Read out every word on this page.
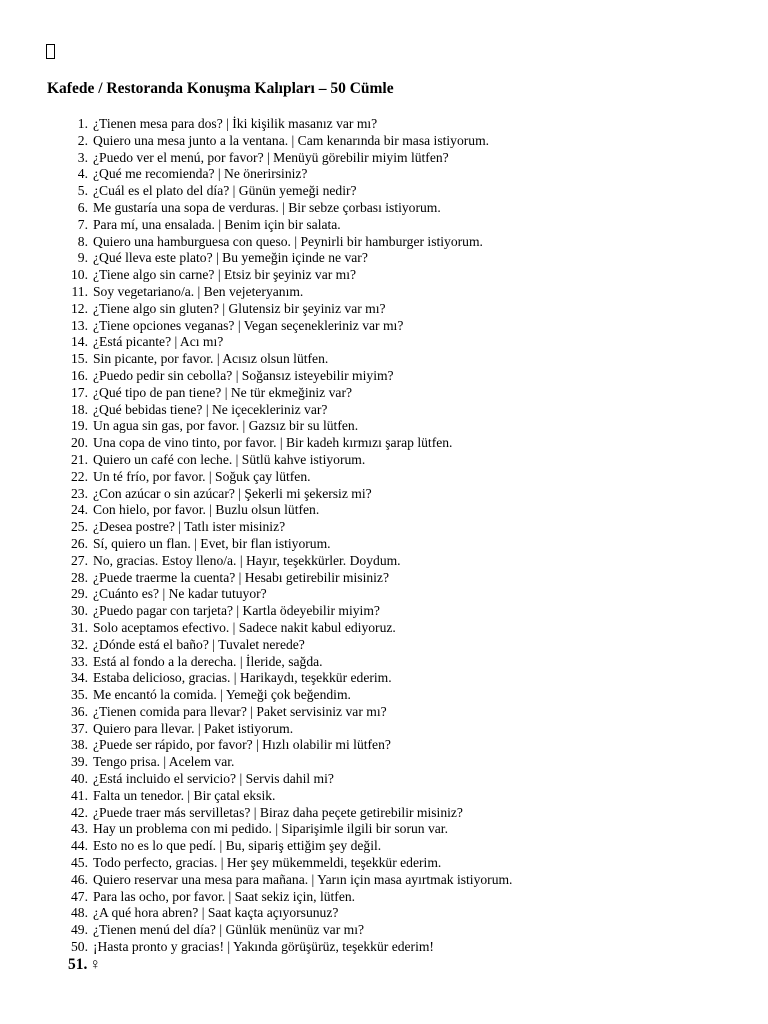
Kafede / Restoranda Konuşma Kalıpları – 50 Cümle
1. ¿Tienen mesa para dos? | İki kişilik masanız var mı?
2. Quiero una mesa junto a la ventana. | Cam kenarında bir masa istiyorum.
3. ¿Puedo ver el menú, por favor? | Menüyü görebilir miyim lütfen?
4. ¿Qué me recomienda? | Ne önerirsiniz?
5. ¿Cuál es el plato del día? | Günün yemeği nedir?
6. Me gustaría una sopa de verduras. | Bir sebze çorbası istiyorum.
7. Para mí, una ensalada. | Benim için bir salata.
8. Quiero una hamburguesa con queso. | Peynirli bir hamburger istiyorum.
9. ¿Qué lleva este plato? | Bu yemeğin içinde ne var?
10. ¿Tiene algo sin carne? | Etsiz bir şeyiniz var mı?
11. Soy vegetariano/a. | Ben vejeteryanım.
12. ¿Tiene algo sin gluten? | Glutensiz bir şeyiniz var mı?
13. ¿Tiene opciones veganas? | Vegan seçenekleriniz var mı?
14. ¿Está picante? | Acı mı?
15. Sin picante, por favor. | Acısız olsun lütfen.
16. ¿Puedo pedir sin cebolla? | Soğansız isteyebilir miyim?
17. ¿Qué tipo de pan tiene? | Ne tür ekmeğiniz var?
18. ¿Qué bebidas tiene? | Ne içecekleriniz var?
19. Un agua sin gas, por favor. | Gazsız bir su lütfen.
20. Una copa de vino tinto, por favor. | Bir kadeh kırmızı şarap lütfen.
21. Quiero un café con leche. | Sütlü kahve istiyorum.
22. Un té frío, por favor. | Soğuk çay lütfen.
23. ¿Con azúcar o sin azúcar? | Şekerli mi şekersiz mi?
24. Con hielo, por favor. | Buzlu olsun lütfen.
25. ¿Desea postre? | Tatlı ister misiniz?
26. Sí, quiero un flan. | Evet, bir flan istiyorum.
27. No, gracias. Estoy lleno/a. | Hayır, teşekkürler. Doydum.
28. ¿Puede traerme la cuenta? | Hesabı getirebilir misiniz?
29. ¿Cuánto es? | Ne kadar tutuyor?
30. ¿Puedo pagar con tarjeta? | Kartla ödeyebilir miyim?
31. Solo aceptamos efectivo. | Sadece nakit kabul ediyoruz.
32. ¿Dónde está el baño? | Tuvalet nerede?
33. Está al fondo a la derecha. | İleride, sağda.
34. Estaba delicioso, gracias. | Harikaydı, teşekkür ederim.
35. Me encantó la comida. | Yemeği çok beğendim.
36. ¿Tienen comida para llevar? | Paket servisiniz var mı?
37. Quiero para llevar. | Paket istiyorum.
38. ¿Puede ser rápido, por favor? | Hızlı olabilir mi lütfen?
39. Tengo prisa. | Acelem var.
40. ¿Está incluido el servicio? | Servis dahil mi?
41. Falta un tenedor. | Bir çatal eksik.
42. ¿Puede traer más servilletas? | Biraz daha peçete getirebilir misiniz?
43. Hay un problema con mi pedido. | Siparişimle ilgili bir sorun var.
44. Esto no es lo que pedí. | Bu, sipariş ettiğim şey değil.
45. Todo perfecto, gracias. | Her şey mükemmeldi, teşekkür ederim.
46. Quiero reservar una mesa para mañana. | Yarın için masa ayırtmak istiyorum.
47. Para las ocho, por favor. | Saat sekiz için, lütfen.
48. ¿A qué hora abren? | Saat kaçta açıyorsunuz?
49. ¿Tienen menú del día? | Günlük menünüz var mı?
50. ¡Hasta pronto y gracias! | Yakında görüşürüz, teşekkür ederim!
51. ♀
